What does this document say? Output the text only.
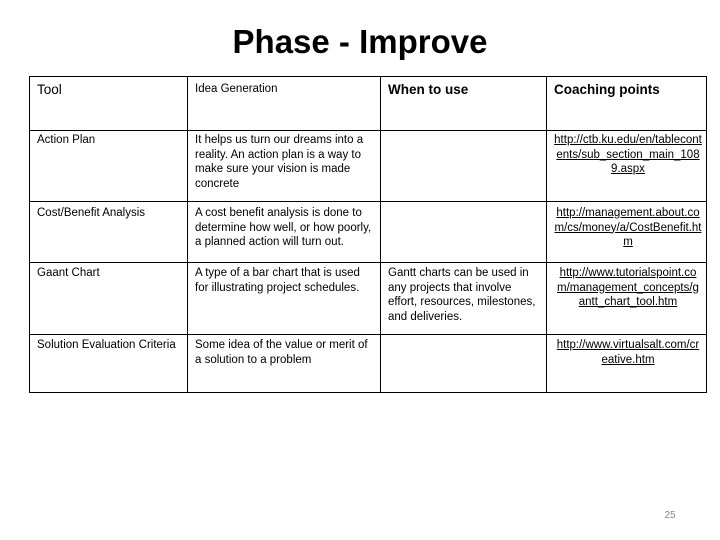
Phase - Improve
Tool	Idea Generation	When to use	Coaching points
Action Plan	It helps us turn our dreams into a reality. An action plan is a way to make sure your vision is made concrete		http://ctb.ku.edu/en/tablecontents/sub_section_main_1089.aspx
Cost/Benefit Analysis	A cost benefit analysis is done to determine how well, or how poorly, a planned action will turn out.		http://management.about.com/cs/money/a/CostBenefit.htm
Gaant Chart	A type of a bar chart that is used for illustrating project schedules.	Gantt charts can be used in any projects that involve effort, resources, milestones, and deliveries.	http://www.tutorialspoint.com/management_concepts/gantt_chart_tool.htm
Solution Evaluation Criteria	Some idea of the value or merit of a solution to a problem		http://www.virtualsalt.com/creative.htm
25
